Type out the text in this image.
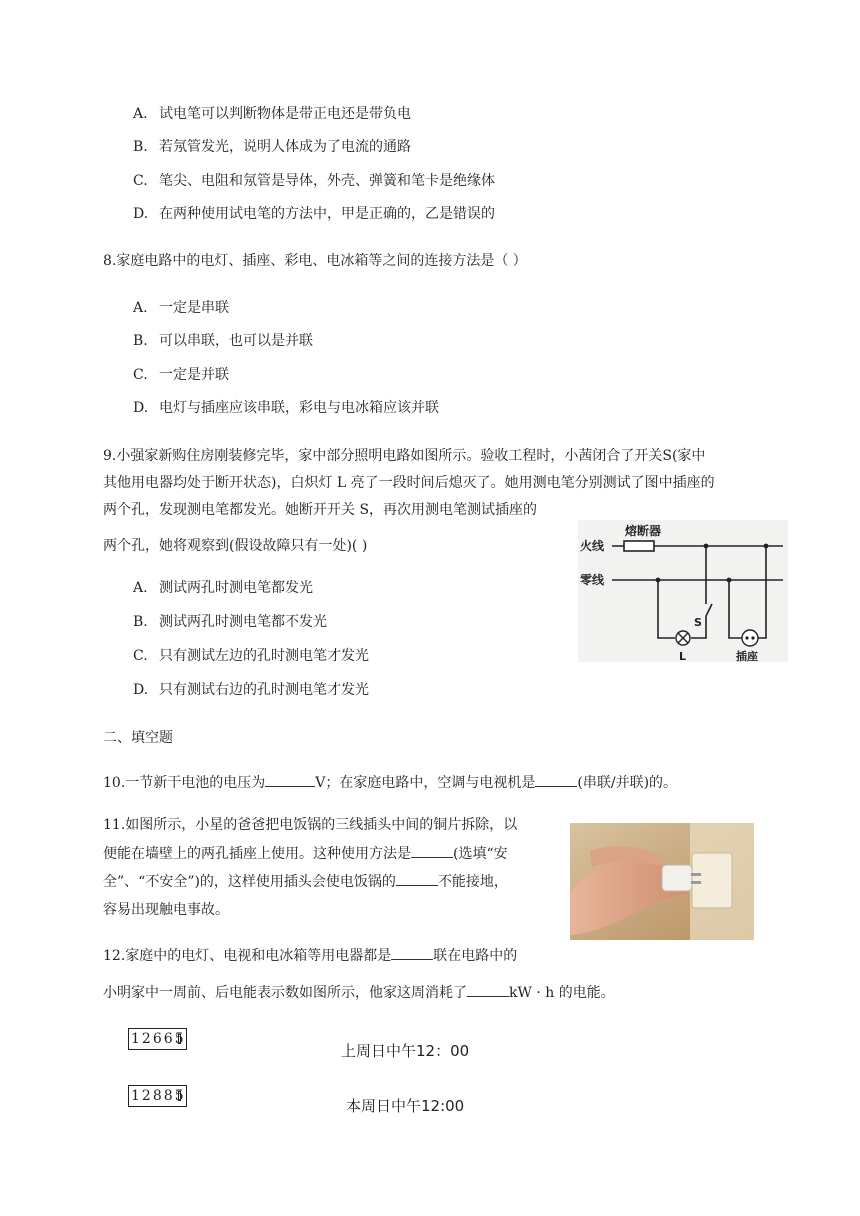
A. 试电笔可以判断物体是带正电还是带负电
B. 若氖管发光，说明人体成为了电流的通路
C. 笔尖、电阻和氖管是导体，外壳、弹簧和笔卡是绝缘体
D. 在两种使用试电笔的方法中，甲是正确的，乙是错误的
8.家庭电路中的电灯、插座、彩电、电冰箱等之间的连接方法是（ ）
A. 一定是串联
B. 可以串联，也可以是并联
C. 一定是并联
D. 电灯与插座应该串联，彩电与电冰箱应该并联
9.小强家新购住房刚装修完毕，家中部分照明电路如图所示。验收工程时，小茜闭合了开关S(家中
其他用电器均处于断开状态)，白炽灯 L 亮了一段时间后熄灭了。她用测电笔分别测试了图中插座的
两个孔，发现测电笔都发光。她断开开关 S，再次用测电笔测试插座的
两个孔，她将观察到(假设故障只有一处)( )
A. 测试两孔时测电笔都发光
B. 测试两孔时测电笔都不发光
C. 只有测试左边的孔时测电笔才发光
D. 只有测试右边的孔时测电笔才发光
火线
零线
熔断器
S
L	插座
二、填空题
10.一节新干电池的电压为	V；在家庭电路中，空调与电视机是	(串联/并联)的。
11.如图所示，小星的爸爸把电饭锅的三线插头中间的铜片拆除，以
便能在墙壁上的两孔插座上使用。这种使用方法是	(选填“安
全”、“不安全”)的，这样使用插头会使电饭锅的	不能接地，
容易出现触电事故。
12.家庭中的电灯、电视和电冰箱等用电器都是	联在电路中的
小明家中一周前、后电能表示数如图所示，他家这周消耗了	kW · h 的电能。
1 2 6 6 5
上周日中午12：00
1 2 8 8 5
本周日中午12:00
